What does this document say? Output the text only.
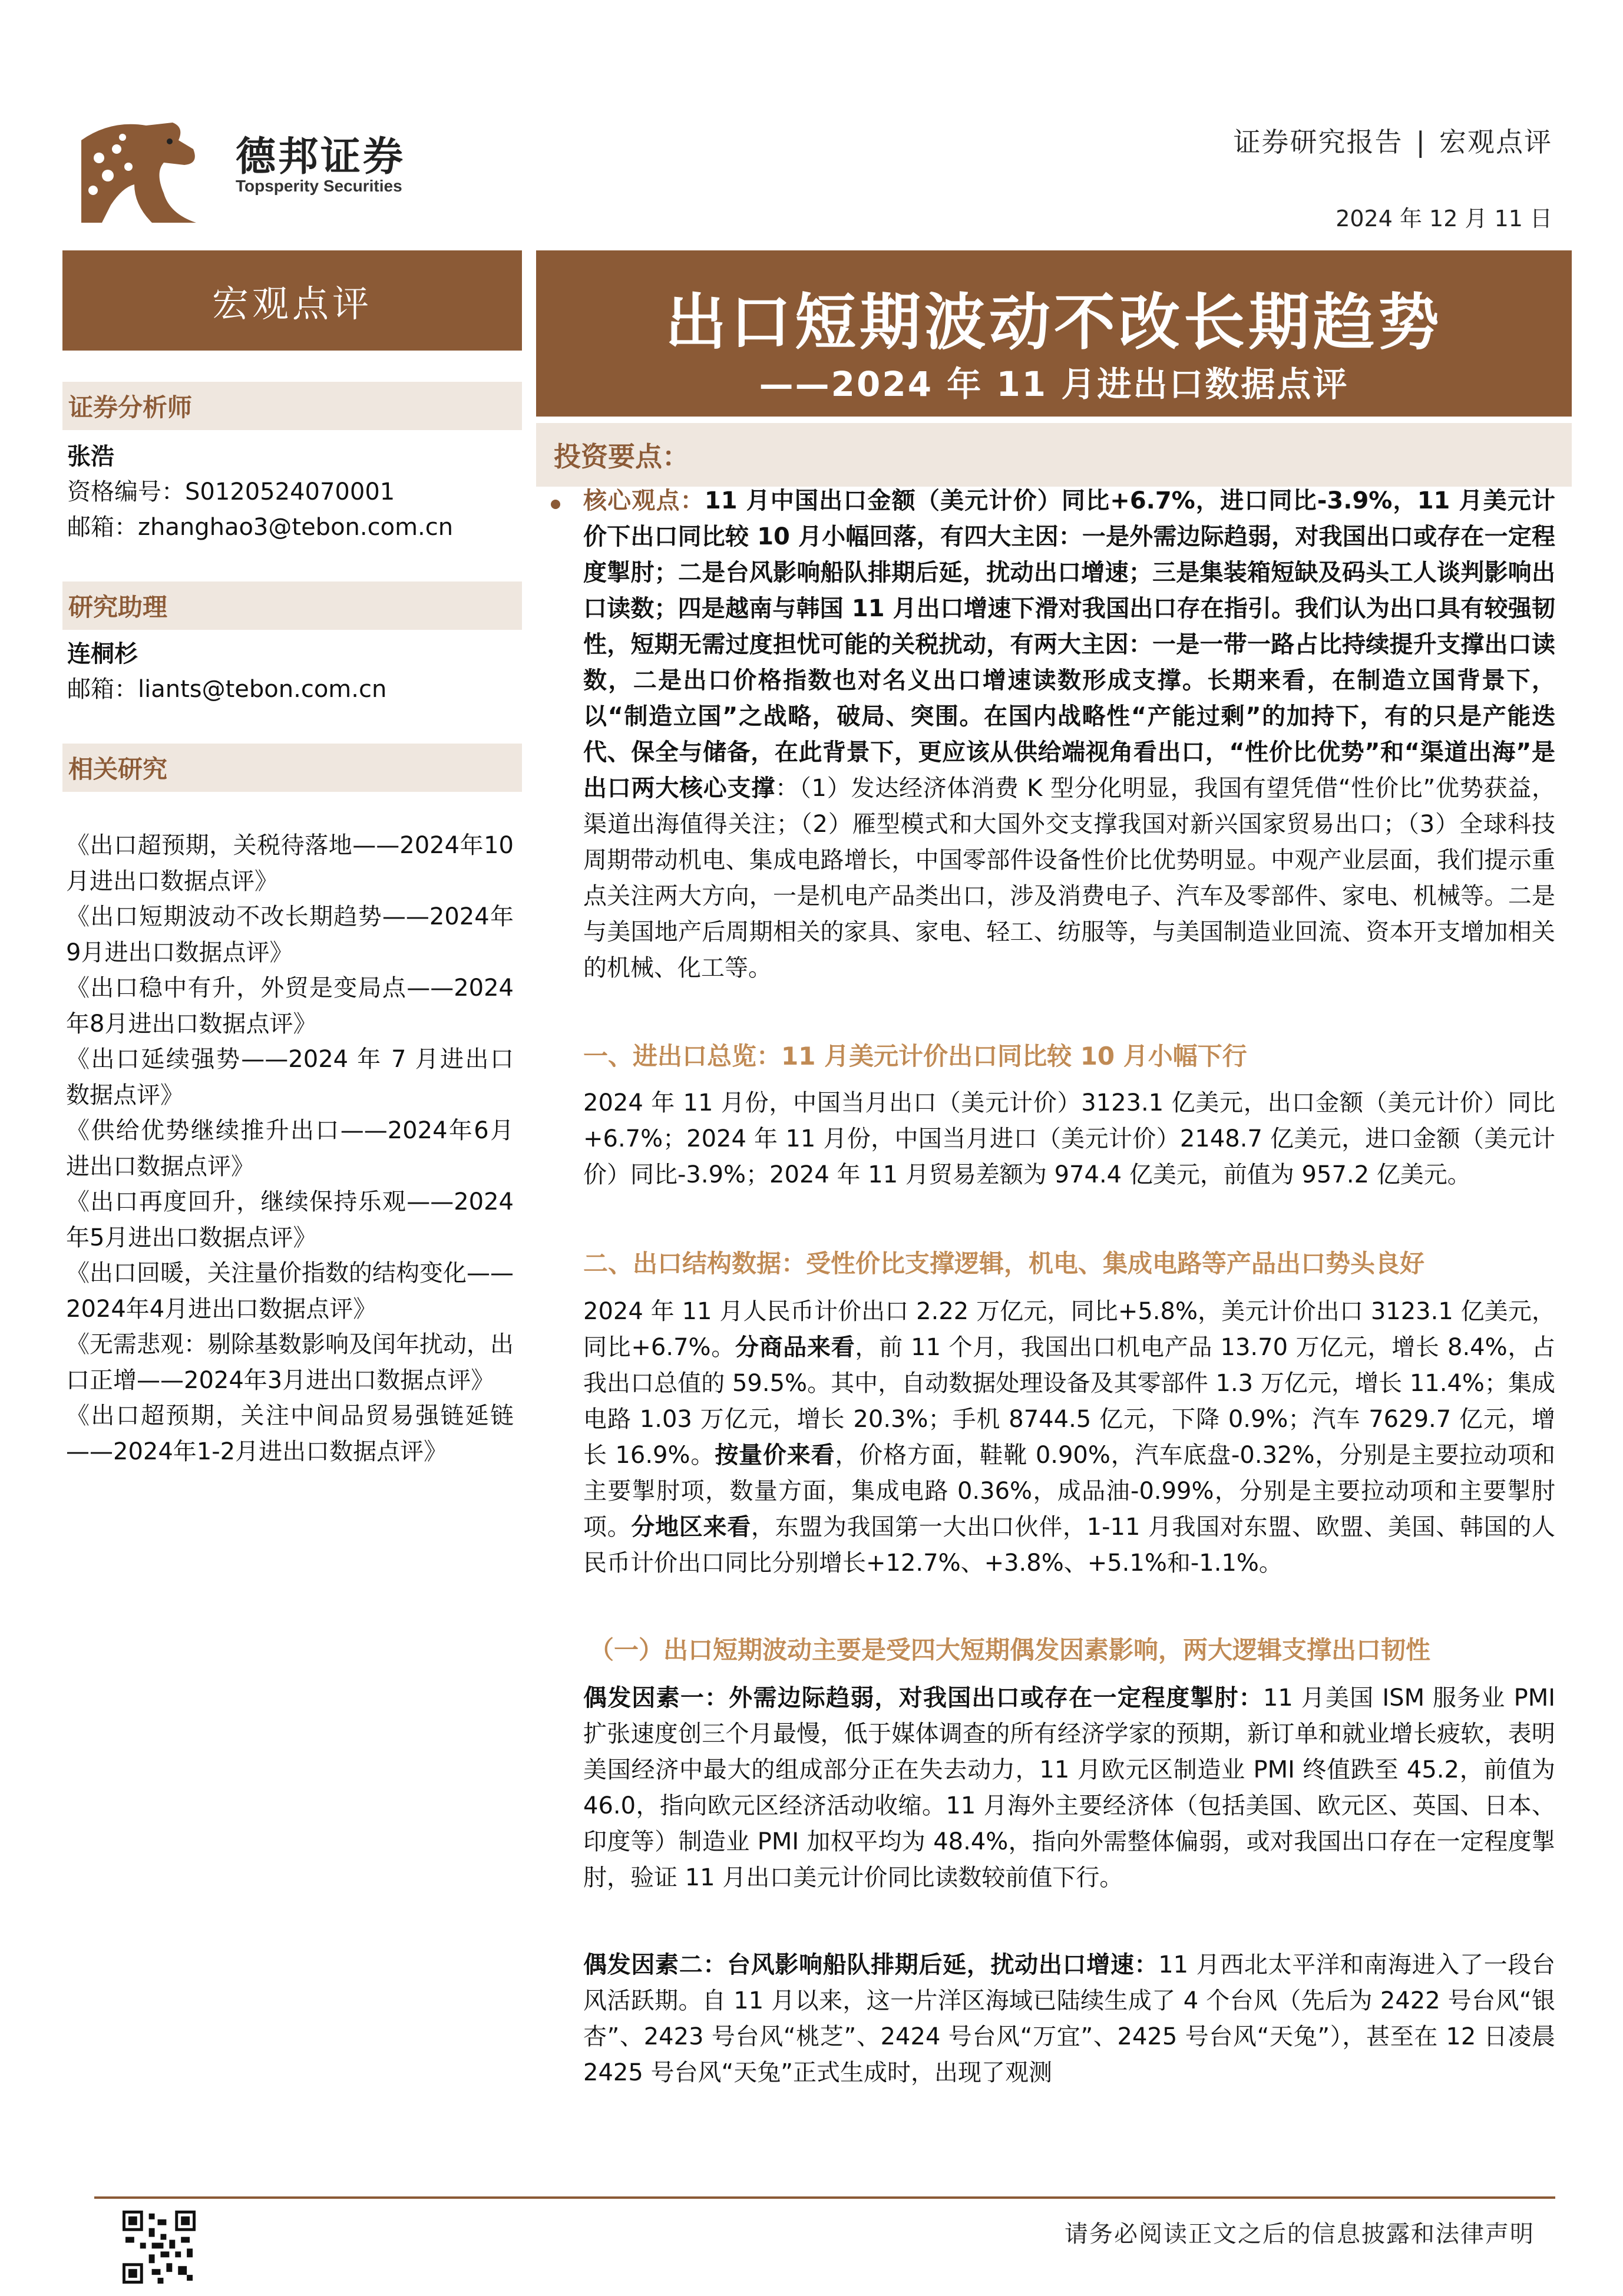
德邦证券
Topsperity Securities
证券研究报告 | 宏观点评
2024 年 12 月 11 日
宏观点评
证券分析师
张浩
资格编号：S0120524070001
邮箱：zhanghao3@tebon.com.cn
研究助理
连桐杉
邮箱：liants@tebon.com.cn
相关研究
《出口超预期，关税待落地——2024年10月进出口数据点评》
《出口短期波动不改长期趋势——2024年9月进出口数据点评》
《出口稳中有升，外贸是变局点——2024年8月进出口数据点评》
《出口延续强势——2024 年 7 月进出口数据点评》
《供给优势继续推升出口——2024年6月进出口数据点评》
《出口再度回升，继续保持乐观——2024年5月进出口数据点评》
《出口回暖，关注量价指数的结构变化——2024年4月进出口数据点评》
《无需悲观：剔除基数影响及闰年扰动，出口正增——2024年3月进出口数据点评》
《出口超预期，关注中间品贸易强链延链——2024年1-2月进出口数据点评》
出口短期波动不改长期趋势
——2024 年 11 月进出口数据点评
投资要点：
核心观点：11 月中国出口金额（美元计价）同比+6.7%，进口同比-3.9%，11 月美元计价下出口同比较 10 月小幅回落，有四大主因：一是外需边际趋弱，对我国出口或存在一定程度掣肘；二是台风影响船队排期后延，扰动出口增速；三是集装箱短缺及码头工人谈判影响出口读数；四是越南与韩国 11 月出口增速下滑对我国出口存在指引。我们认为出口具有较强韧性，短期无需过度担忧可能的关税扰动，有两大主因：一是一带一路占比持续提升支撑出口读数，二是出口价格指数也对名义出口增速读数形成支撑。长期来看，在制造立国背景下，以“制造立国”之战略，破局、突围。在国内战略性“产能过剩”的加持下，有的只是产能迭代、保全与储备，在此背景下，更应该从供给端视角看出口，“性价比优势”和“渠道出海”是出口两大核心支撑：（1）发达经济体消费 K 型分化明显，我国有望凭借“性价比”优势获益，渠道出海值得关注；（2）雁型模式和大国外交支撑我国对新兴国家贸易出口；（3）全球科技周期带动机电、集成电路增长，中国零部件设备性价比优势明显。中观产业层面，我们提示重点关注两大方向，一是机电产品类出口，涉及消费电子、汽车及零部件、家电、机械等。二是与美国地产后周期相关的家具、家电、轻工、纺服等，与美国制造业回流、资本开支增加相关的机械、化工等。
一、进出口总览：11 月美元计价出口同比较 10 月小幅下行
2024 年 11 月份，中国当月出口（美元计价）3123.1 亿美元，出口金额（美元计价）同比+6.7%；2024 年 11 月份，中国当月进口（美元计价）2148.7 亿美元，进口金额（美元计价）同比-3.9%；2024 年 11 月贸易差额为 974.4 亿美元，前值为 957.2 亿美元。
二、出口结构数据：受性价比支撑逻辑，机电、集成电路等产品出口势头良好
2024 年 11 月人民币计价出口 2.22 万亿元，同比+5.8%，美元计价出口 3123.1 亿美元，同比+6.7%。分商品来看，前 11 个月，我国出口机电产品 13.70 万亿元，增长 8.4%，占我出口总值的 59.5%。其中，自动数据处理设备及其零部件 1.3 万亿元，增长 11.4%；集成电路 1.03 万亿元，增长 20.3%；手机 8744.5 亿元，下降 0.9%；汽车 7629.7 亿元，增长 16.9%。按量价来看，价格方面，鞋靴 0.90%，汽车底盘-0.32%，分别是主要拉动项和主要掣肘项，数量方面，集成电路 0.36%，成品油-0.99%，分别是主要拉动项和主要掣肘项。分地区来看，东盟为我国第一大出口伙伴，1-11 月我国对东盟、欧盟、美国、韩国的人民币计价出口同比分别增长+12.7%、+3.8%、+5.1%和-1.1%。
（一）出口短期波动主要是受四大短期偶发因素影响，两大逻辑支撑出口韧性
偶发因素一：外需边际趋弱，对我国出口或存在一定程度掣肘：11 月美国 ISM 服务业 PMI 扩张速度创三个月最慢，低于媒体调查的所有经济学家的预期，新订单和就业增长疲软，表明美国经济中最大的组成部分正在失去动力，11 月欧元区制造业 PMI 终值跌至 45.2，前值为 46.0，指向欧元区经济活动收缩。11 月海外主要经济体（包括美国、欧元区、英国、日本、印度等）制造业 PMI 加权平均为 48.4%，指向外需整体偏弱，或对我国出口存在一定程度掣肘，验证 11 月出口美元计价同比读数较前值下行。
偶发因素二：台风影响船队排期后延，扰动出口增速：11 月西北太平洋和南海进入了一段台风活跃期。自 11 月以来，这一片洋区海域已陆续生成了 4 个台风（先后为 2422 号台风“银杏”、2423 号台风“桃芝”、2424 号台风“万宜”、2425 号台风“天兔”），甚至在 12 日凌晨 2425 号台风“天兔”正式生成时，出现了观测
请务必阅读正文之后的信息披露和法律声明
